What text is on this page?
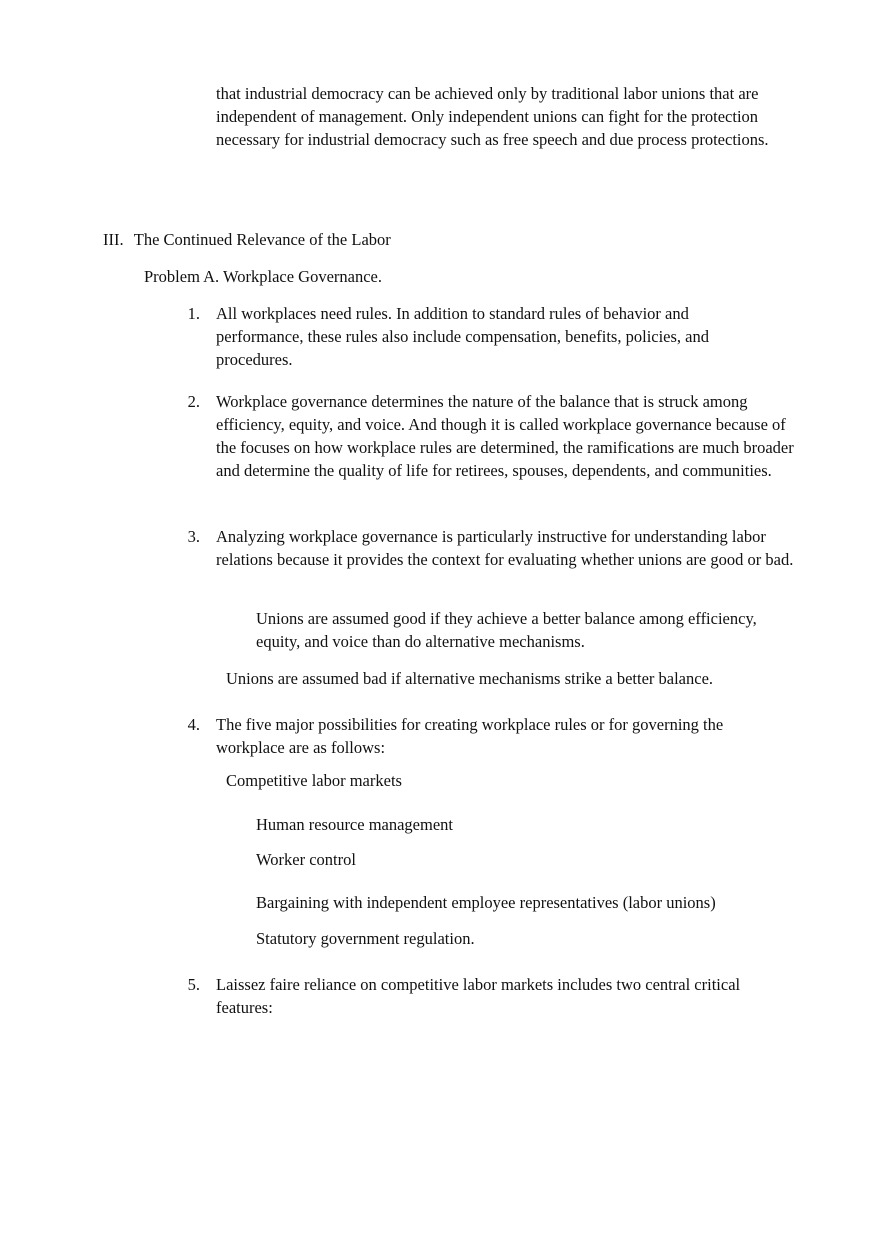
that industrial democracy can be achieved only by traditional labor unions that are independent of management. Only independent unions can fight for the protection necessary for industrial democracy such as free speech and due process protections.

III. The Continued Relevance of the Labor

Problem A. Workplace Governance.

1. All workplaces need rules. In addition to standard rules of behavior and performance, these rules also include compensation, benefits, policies, and procedures.

2. Workplace governance determines the nature of the balance that is struck among efficiency, equity, and voice. And though it is called workplace governance because of the focuses on how workplace rules are determined, the ramifications are much broader and determine the quality of life for retirees, spouses, dependents, and communities.

3. Analyzing workplace governance is particularly instructive for understanding labor relations because it provides the context for evaluating whether unions are good or bad.

Unions are assumed good if they achieve a better balance among efficiency, equity, and voice than do alternative mechanisms.

Unions are assumed bad if alternative mechanisms strike a better balance.

4. The five major possibilities for creating workplace rules or for governing the workplace are as follows:

Competitive labor markets

Human resource management

Worker control

Bargaining with independent employee representatives (labor unions)

Statutory government regulation.

5. Laissez faire reliance on competitive labor markets includes two central critical features:
